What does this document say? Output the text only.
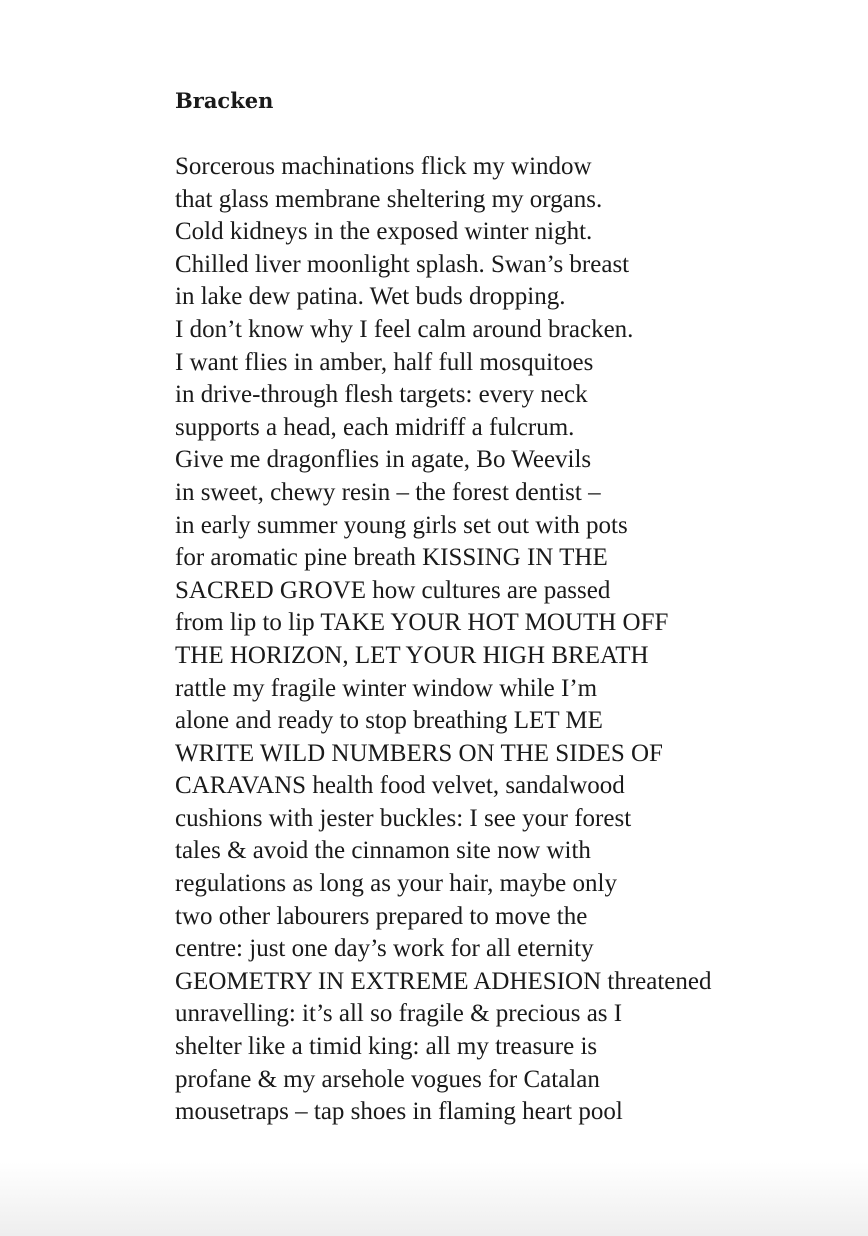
Bracken
Sorcerous machinations flick my window
that glass membrane sheltering my organs.
Cold kidneys in the exposed winter night.
Chilled liver moonlight splash. Swan’s breast
in lake dew patina. Wet buds dropping.
I don’t know why I feel calm around bracken.
I want flies in amber, half full mosquitoes
in drive-through flesh targets: every neck
supports a head, each midriff a fulcrum.
Give me dragonflies in agate, Bo Weevils
in sweet, chewy resin – the forest dentist –
in early summer young girls set out with pots
for aromatic pine breath KISSING IN THE
SACRED GROVE how cultures are passed
from lip to lip TAKE YOUR HOT MOUTH OFF
THE HORIZON, LET YOUR HIGH BREATH
rattle my fragile winter window while I’m
alone and ready to stop breathing LET ME
WRITE WILD NUMBERS ON THE SIDES OF
CARAVANS health food velvet, sandalwood
cushions with jester buckles: I see your forest
tales & avoid the cinnamon site now with
regulations as long as your hair, maybe only
two other labourers prepared to move the
centre: just one day’s work for all eternity
GEOMETRY IN EXTREME ADHESION threatened
unravelling: it’s all so fragile & precious as I
shelter like a timid king: all my treasure is
profane & my arsehole vogues for Catalan
mousetraps – tap shoes in flaming heart pool
